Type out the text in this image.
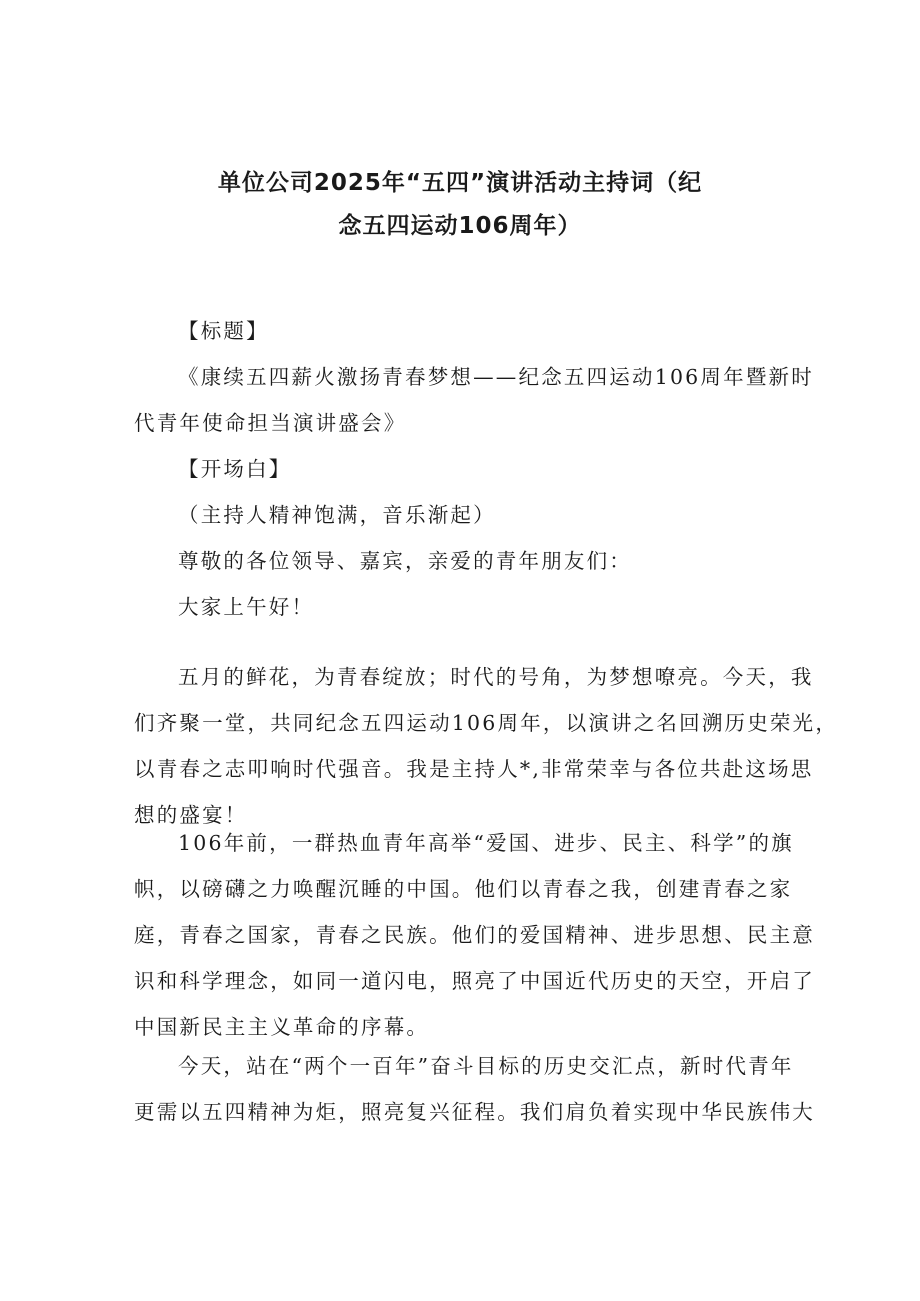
单位公司2025年“五四”演讲活动主持词（纪
念五四运动106周年）
【标题】
《康续五四薪火激扬青春梦想——纪念五四运动106周年暨新时
代青年使命担当演讲盛会》
【开场白】
（主持人精神饱满，音乐渐起）
尊敬的各位领导、嘉宾，亲爱的青年朋友们：
大家上午好！
五月的鲜花，为青春绽放；时代的号角，为梦想嘹亮。今天，我
们齐聚一堂，共同纪念五四运动106周年，以演讲之名回溯历史荣光，
以青春之志叩响时代强音。我是主持人*,非常荣幸与各位共赴这场思
想的盛宴！
106年前，一群热血青年高举“爱国、进步、民主、科学”的旗
帜，以磅礴之力唤醒沉睡的中国。他们以青春之我，创建青春之家
庭，青春之国家，青春之民族。他们的爱国精神、进步思想、民主意
识和科学理念，如同一道闪电，照亮了中国近代历史的天空，开启了
中国新民主主义革命的序幕。
今天，站在“两个一百年”奋斗目标的历史交汇点，新时代青年
更需以五四精神为炬，照亮复兴征程。我们肩负着实现中华民族伟大
